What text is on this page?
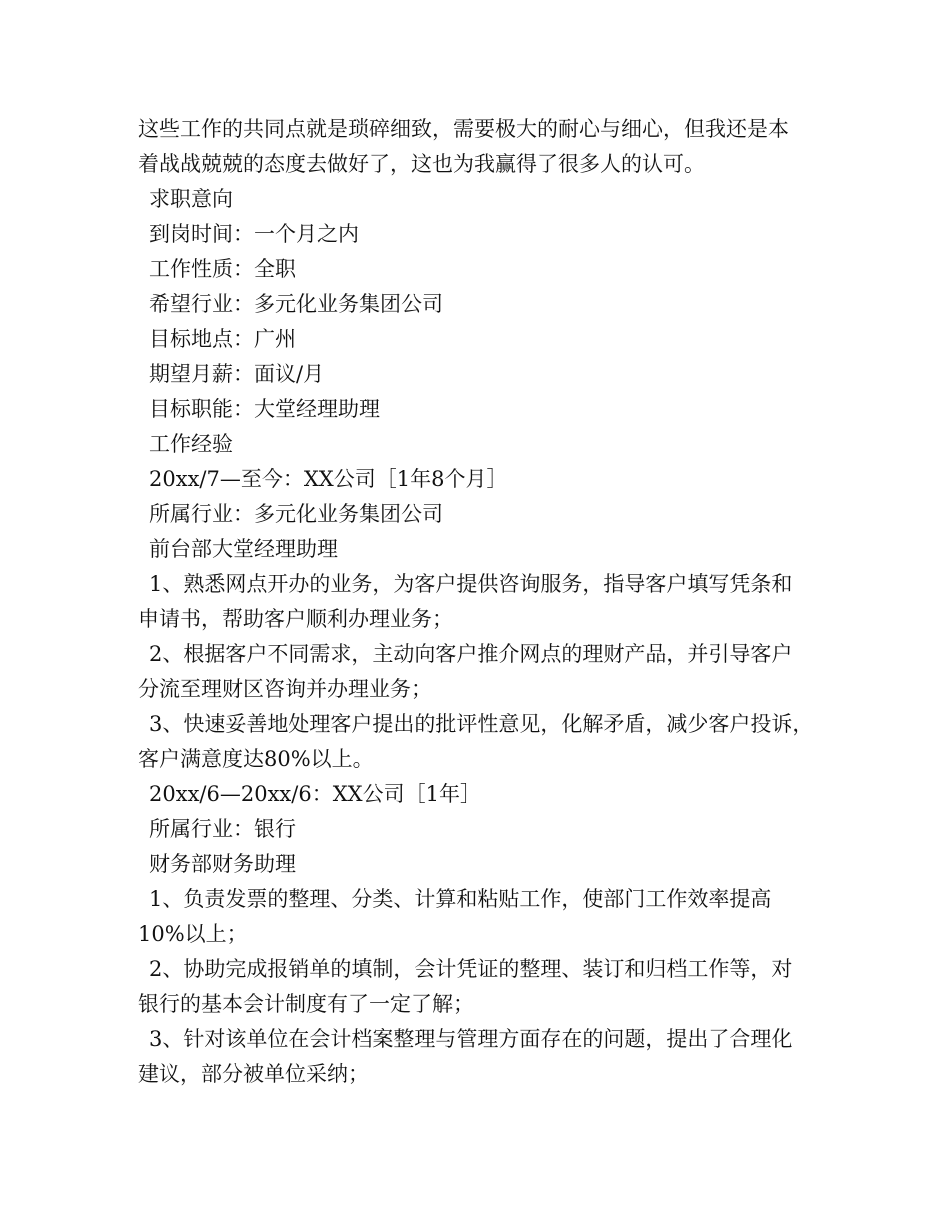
这些工作的共同点就是琐碎细致，需要极大的耐心与细心，但我还是本
着战战兢兢的态度去做好了，这也为我赢得了很多人的认可。
求职意向
到岗时间：一个月之内
工作性质：全职
希望行业：多元化业务集团公司
目标地点：广州
期望月薪：面议/月
目标职能：大堂经理助理
工作经验
20xx/7—至今：XX公司［1年8个月］
所属行业：多元化业务集团公司
前台部大堂经理助理
1、熟悉网点开办的业务，为客户提供咨询服务，指导客户填写凭条和
申请书，帮助客户顺利办理业务；
2、根据客户不同需求，主动向客户推介网点的理财产品，并引导客户
分流至理财区咨询并办理业务；
3、快速妥善地处理客户提出的批评性意见，化解矛盾，减少客户投诉，
客户满意度达80%以上。
20xx/6—20xx/6：XX公司［1年］
所属行业：银行
财务部财务助理
1、负责发票的整理、分类、计算和粘贴工作，使部门工作效率提高
10%以上；
2、协助完成报销单的填制，会计凭证的整理、装订和归档工作等，对
银行的基本会计制度有了一定了解；
3、针对该单位在会计档案整理与管理方面存在的问题，提出了合理化
建议，部分被单位采纳；
